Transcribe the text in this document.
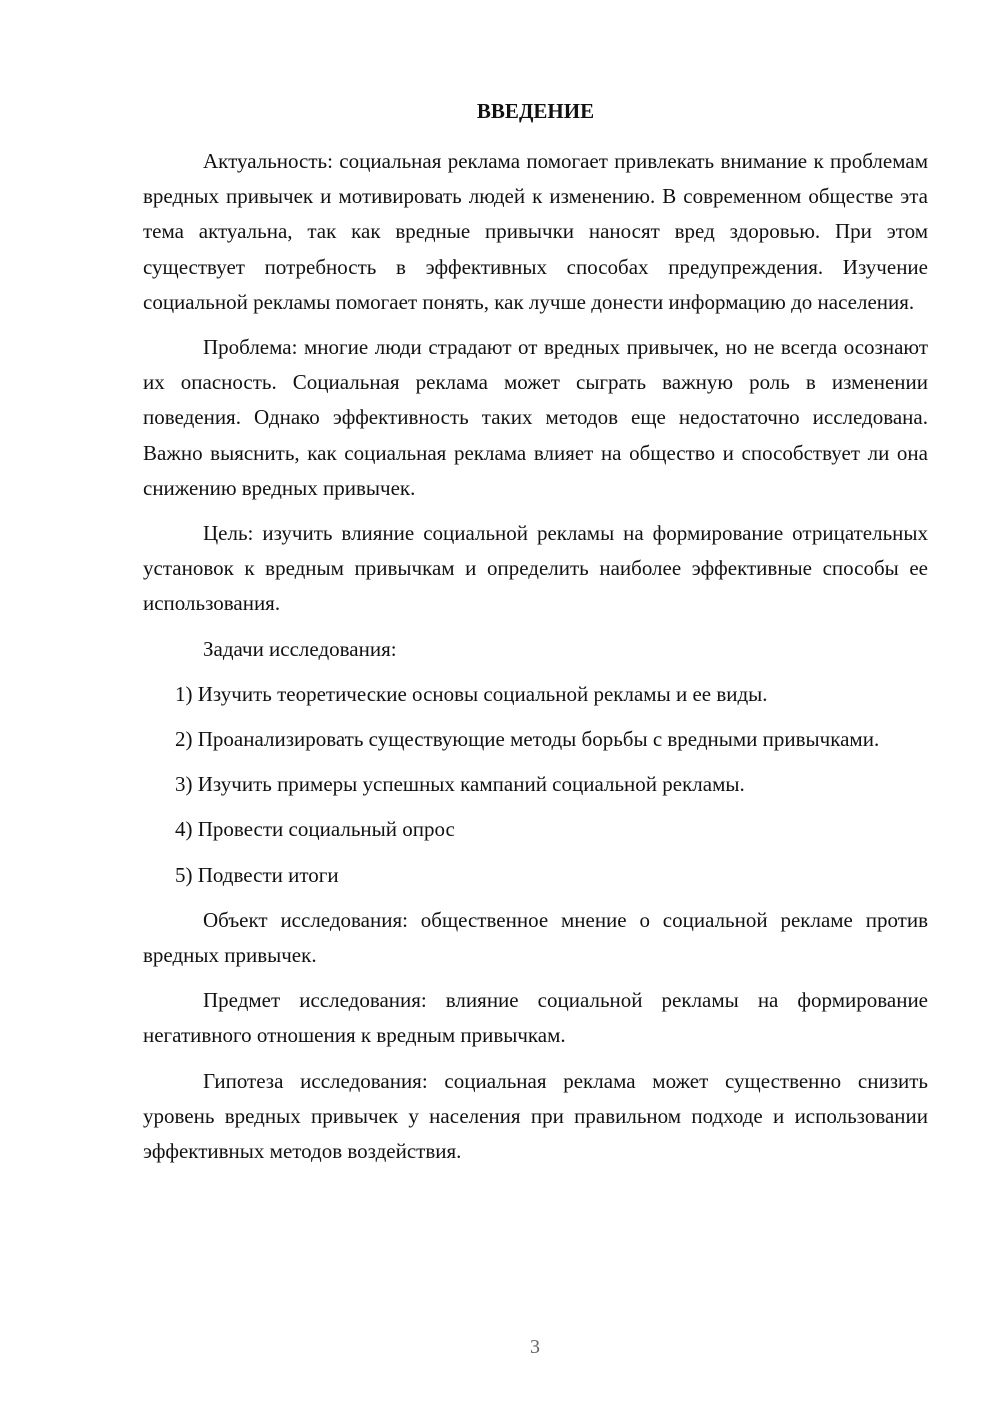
ВВЕДЕНИЕ

Актуальность: социальная реклама помогает привлекать внимание к проблемам вредных привычек и мотивировать людей к изменению. В современном обществе эта тема актуальна, так как вредные привычки наносят вред здоровью. При этом существует потребность в эффективных способах предупреждения. Изучение социальной рекламы помогает понять, как лучше донести информацию до населения.

Проблема: многие люди страдают от вредных привычек, но не всегда осознают их опасность. Социальная реклама может сыграть важную роль в изменении поведения. Однако эффективность таких методов еще недостаточно исследована. Важно выяснить, как социальная реклама влияет на общество и способствует ли она снижению вредных привычек.

Цель: изучить влияние социальной рекламы на формирование отрицательных установок к вредным привычкам и определить наиболее эффективные способы ее использования.

Задачи исследования:

1) Изучить теоретические основы социальной рекламы и ее виды.

2) Проанализировать существующие методы борьбы с вредными привычками.

3) Изучить примеры успешных кампаний социальной рекламы.

4) Провести социальный опрос

5) Подвести итоги

Объект исследования: общественное мнение о социальной рекламе против вредных привычек.

Предмет исследования: влияние социальной рекламы на формирование негативного отношения к вредным привычкам.

Гипотеза исследования: социальная реклама может существенно снизить уровень вредных привычек у населения при правильном подходе и использовании эффективных методов воздействия.

3
